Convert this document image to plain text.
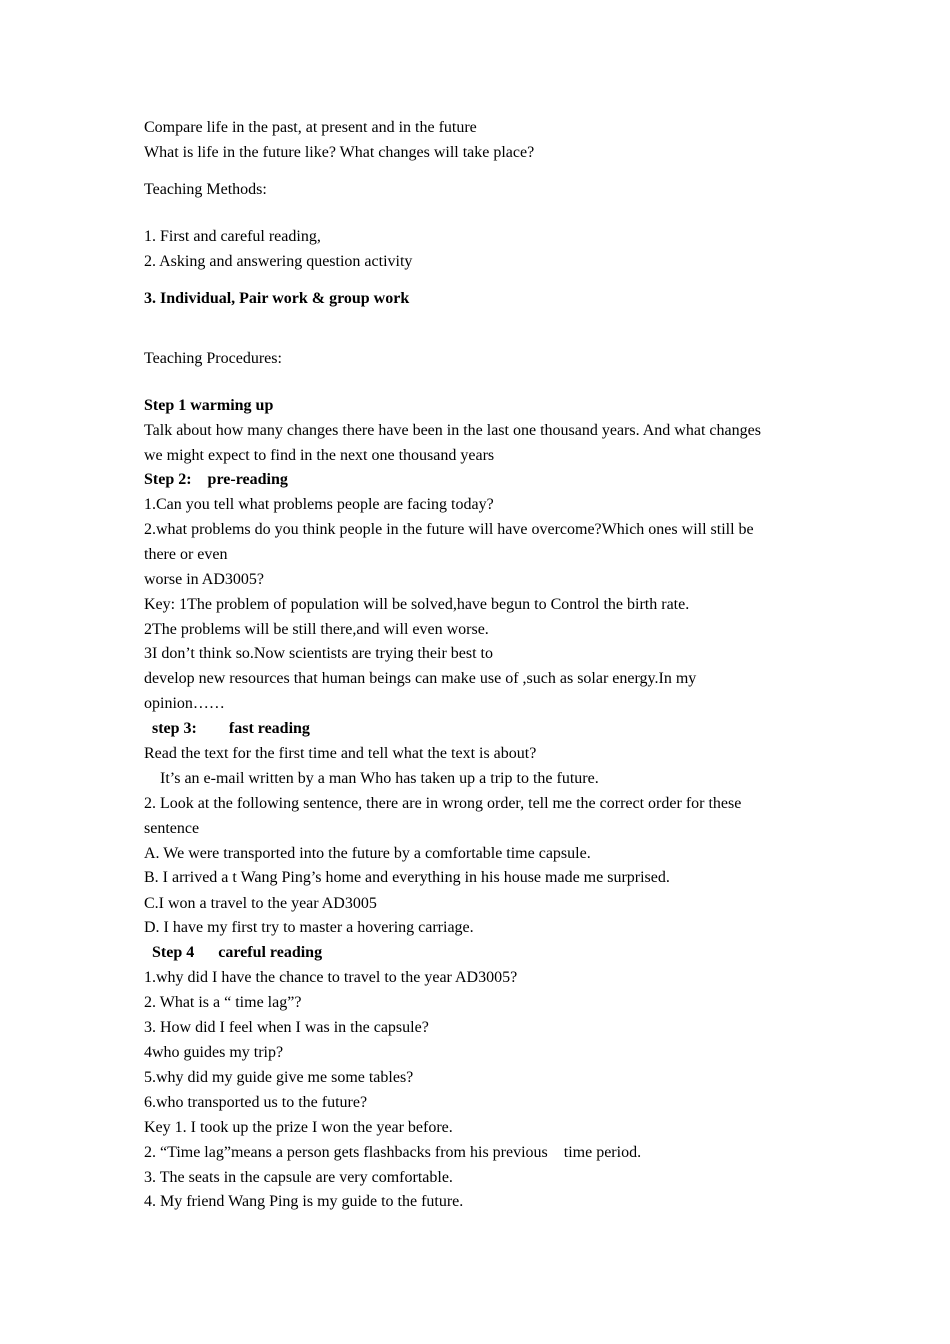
Compare life in the past, at present and in the future

What is life in the future like? What changes will take place?

Teaching Methods:

1. First and careful reading,

2. Asking and answering question activity

3. Individual, Pair work & group work

Teaching Procedures:

Step 1 warming up

Talk about how many changes there have been in the last one thousand years. And what changes

we might expect to find in the next one thousand years

Step 2:    pre-reading

1.Can you tell what problems people are facing today?

2.what problems do you think people in the future will have overcome?Which ones will still be

there or even

worse in AD3005?

Key: 1The problem of population will be solved,have begun to Control the birth rate.

2The problems will be still there,and will even worse.

3I don’t think so.Now scientists are trying their best to

develop new resources that human beings can make use of ,such as solar energy.In my

opinion……

step 3:        fast reading

Read the text for the first time and tell what the text is about?

It’s an e-mail written by a man Who has taken up a trip to the future.

2. Look at the following sentence, there are in wrong order, tell me the correct order for these

sentence

A. We were transported into the future by a comfortable time capsule.

B. I arrived a t Wang Ping’s home and everything in his house made me surprised.

C.I won a travel to the year AD3005

D. I have my first try to master a hovering carriage.

Step 4      careful reading

1.why did I have the chance to travel to the year AD3005?

2. What is a “ time lag”?

3. How did I feel when I was in the capsule?

4who guides my trip?

5.why did my guide give me some tables?

6.who transported us to the future?

Key 1. I took up the prize I won the year before.

2. “Time lag”means a person gets flashbacks from his previous    time period.

3. The seats in the capsule are very comfortable.

4. My friend Wang Ping is my guide to the future.
